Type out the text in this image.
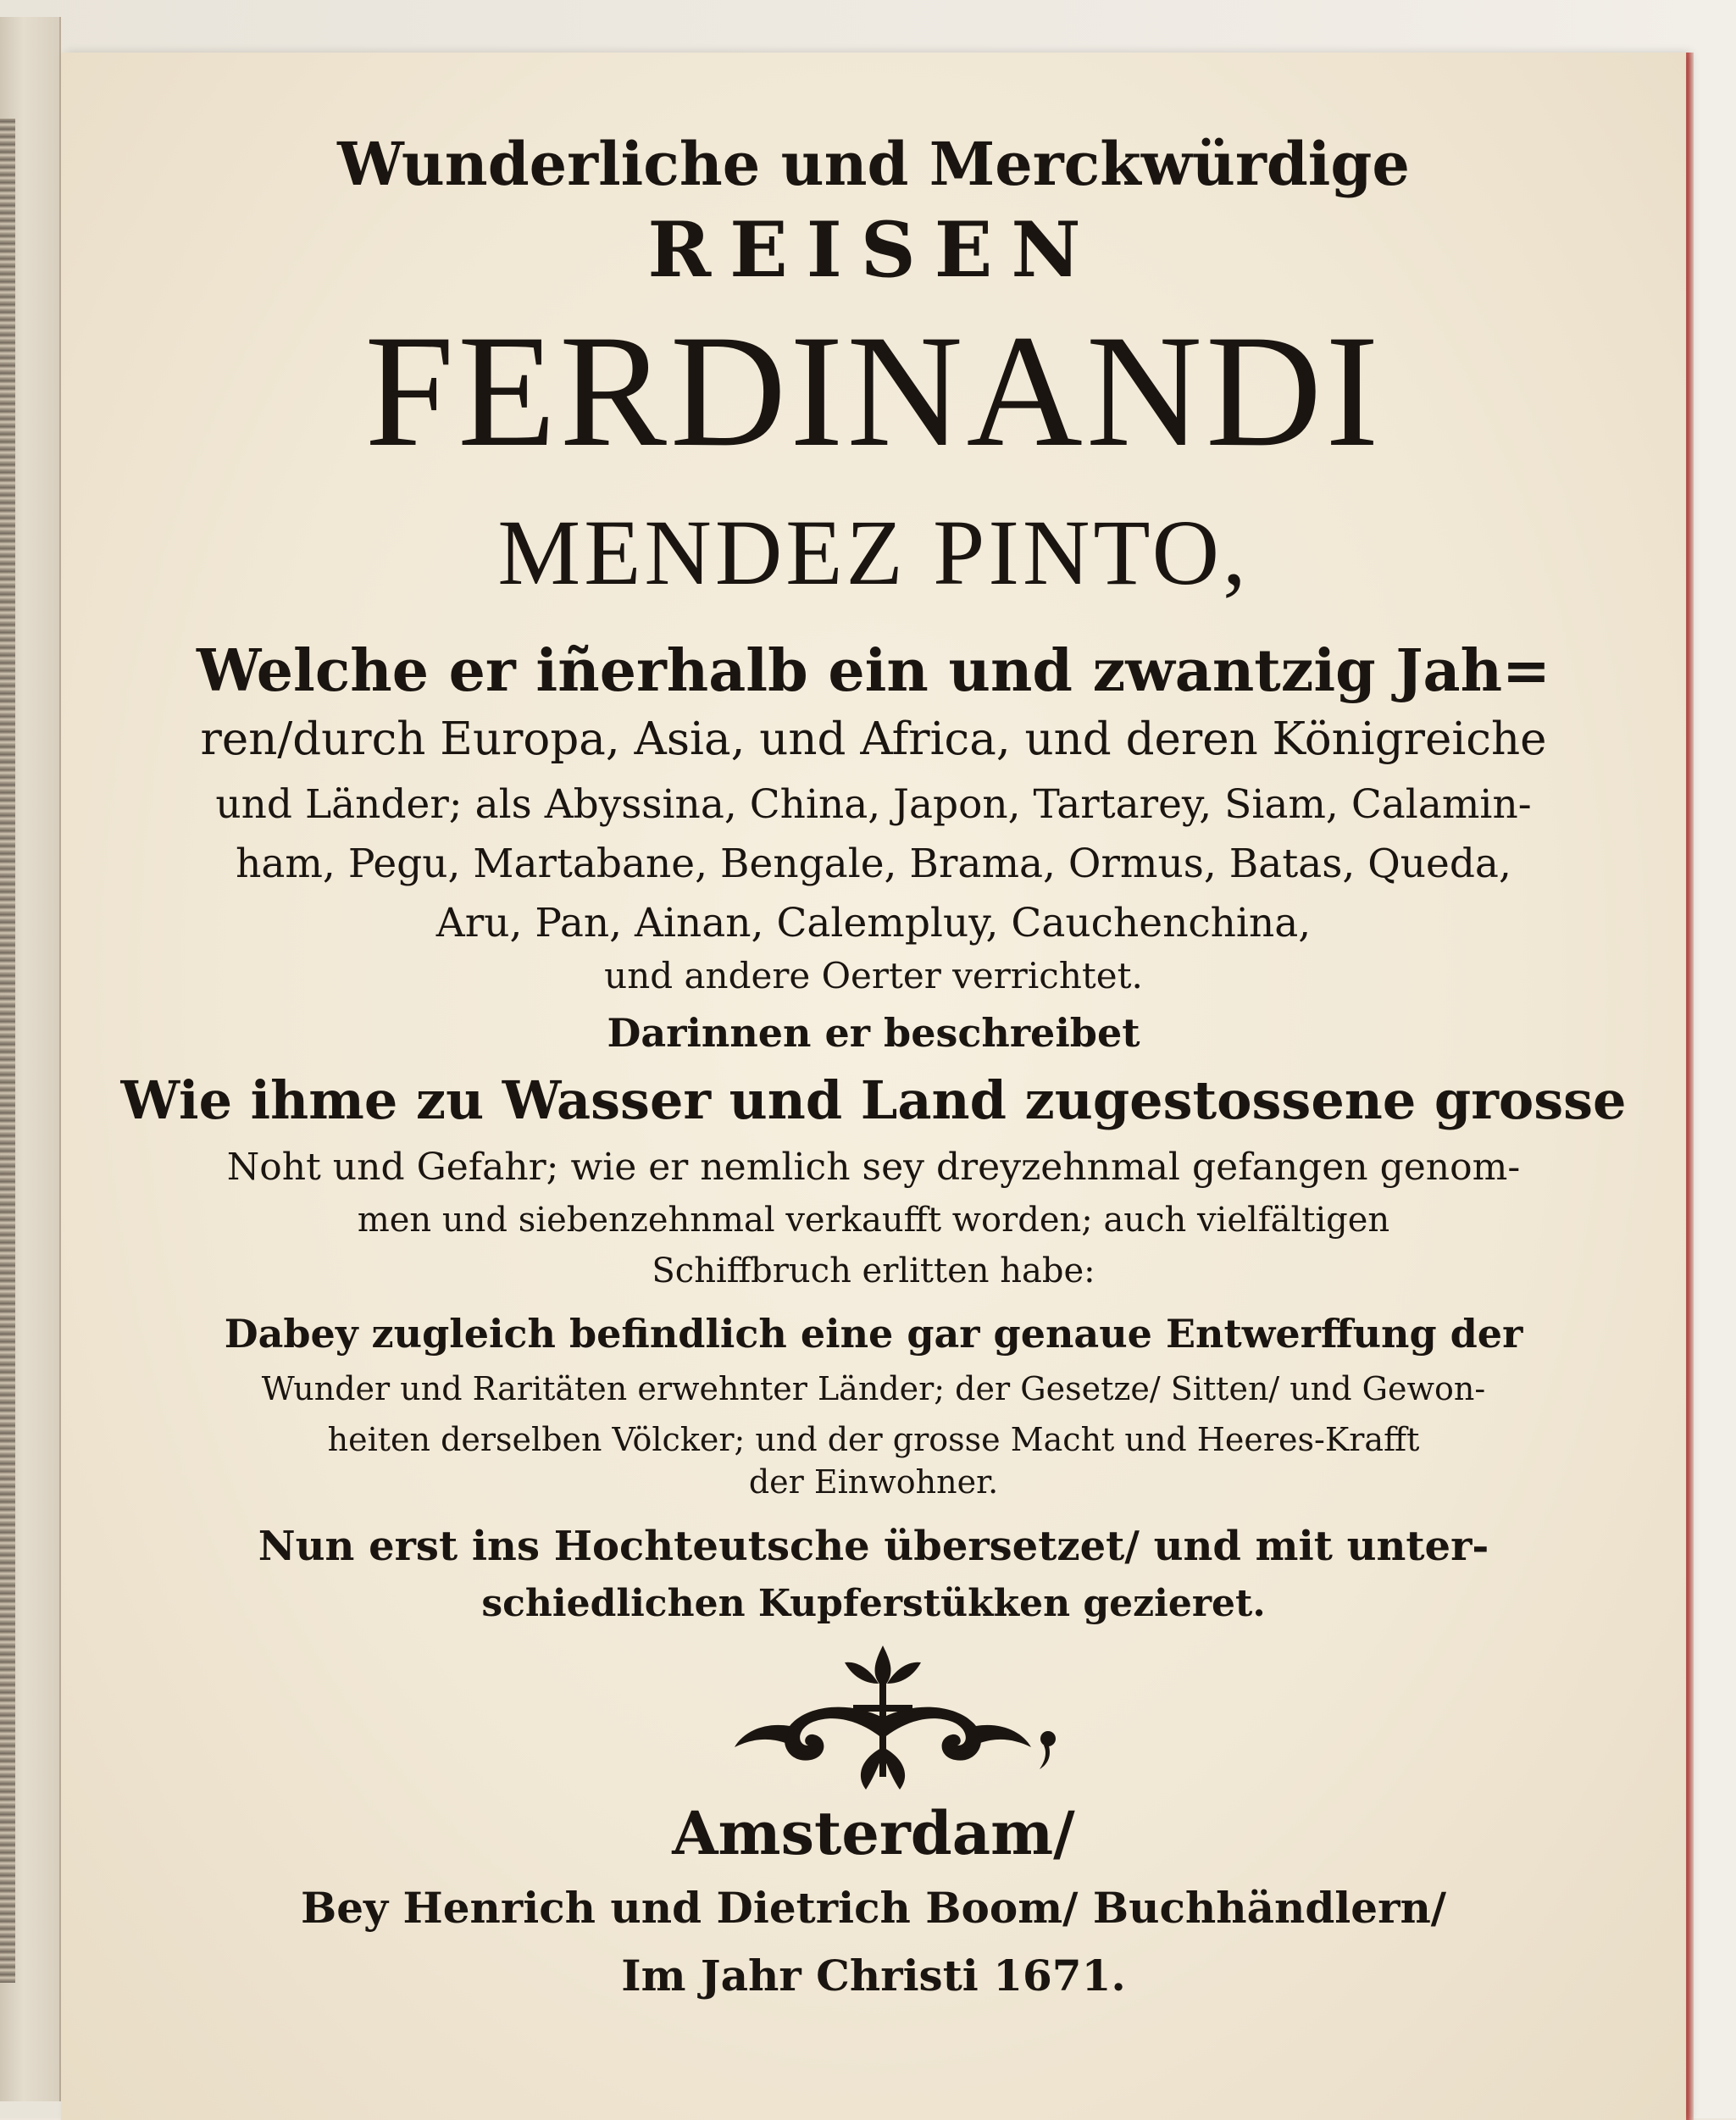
Wunderliche und Merckwürdige
REISEN
FERDINANDI
MENDEZ PINTO,
Welche er iñerhalb ein und zwantzig Jah=
ren/durch Europa, Asia, und Africa, und deren Königreiche
und Länder; als Abyssina, China, Japon, Tartarey, Siam, Calamin-
ham, Pegu, Martabane, Bengale, Brama, Ormus, Batas, Queda,
Aru, Pan, Ainan, Calempluy, Cauchenchina,
und andere Oerter verrichtet.
Darinnen er beschreibet
Wie ihme zu Wasser und Land zugestossene grosse
Noht und Gefahr; wie er nemlich sey dreyzehnmal gefangen genom-
men und siebenzehnmal verkaufft worden; auch vielfältigen
Schiffbruch erlitten habe:
Dabey zugleich befindlich eine gar genaue Entwerffung der
Wunder und Raritäten erwehnter Länder; der Gesetze/ Sitten/ und Gewon-
heiten derselben Völcker; und der grosse Macht und Heeres-Krafft
der Einwohner.
Nun erst ins Hochteutsche übersetzet/ und mit unter-
schiedlichen Kupferstükken gezieret.
Amsterdam/
Bey Henrich und Dietrich Boom/ Buchhändlern/
Im Jahr Christi 1671.
